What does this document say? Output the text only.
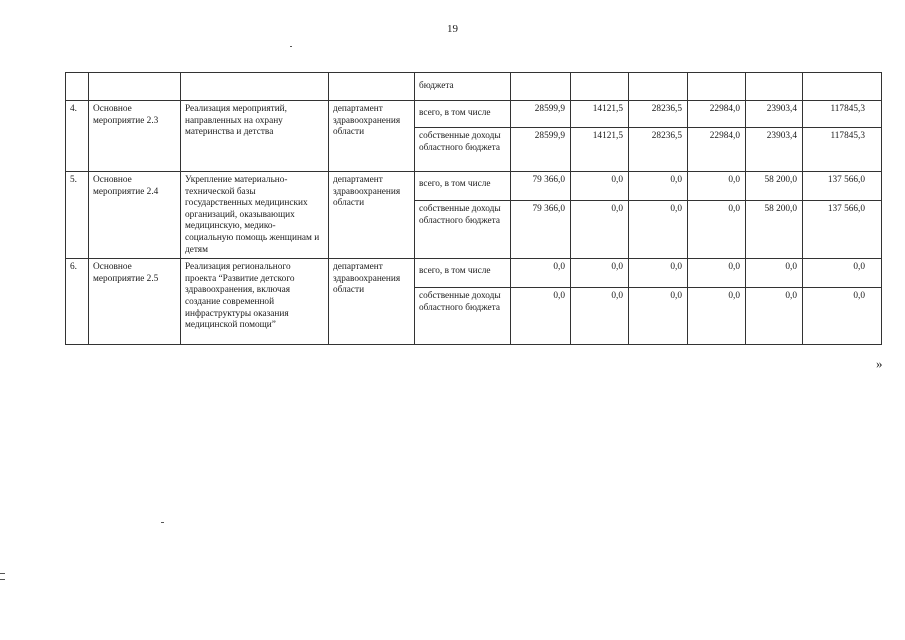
19
				бюджета						
4.	Основное мероприятие 2.3	Реализация мероприятий, направленных на охрану материнства и детства	департамент здравоохранения области	всего, в том числе	28599,9	14121,5	28236,5	22984,0	23903,4	117845,3
				собственные доходы областного бюджета	28599,9	14121,5	28236,5	22984,0	23903,4	117845,3
5.	Основное мероприятие 2.4	Укрепление материально-технической базы государственных медицинских организаций, оказывающих медицинскую, медико-социальную помощь женщинам и детям	департамент здравоохранения области	всего, в том числе	79 366,0	0,0	0,0	0,0	58 200,0	137 566,0
				собственные доходы областного бюджета	79 366,0	0,0	0,0	0,0	58 200,0	137 566,0
6.	Основное мероприятие 2.5	Реализация регионального проекта “Развитие детского здравоохранения, включая создание современной инфраструктуры оказания медицинской помощи”	департамент здравоохранения области	всего, в том числе	0,0	0,0	0,0	0,0	0,0	0,0
				собственные доходы областного бюджета	0,0	0,0	0,0	0,0	0,0	0,0
»
